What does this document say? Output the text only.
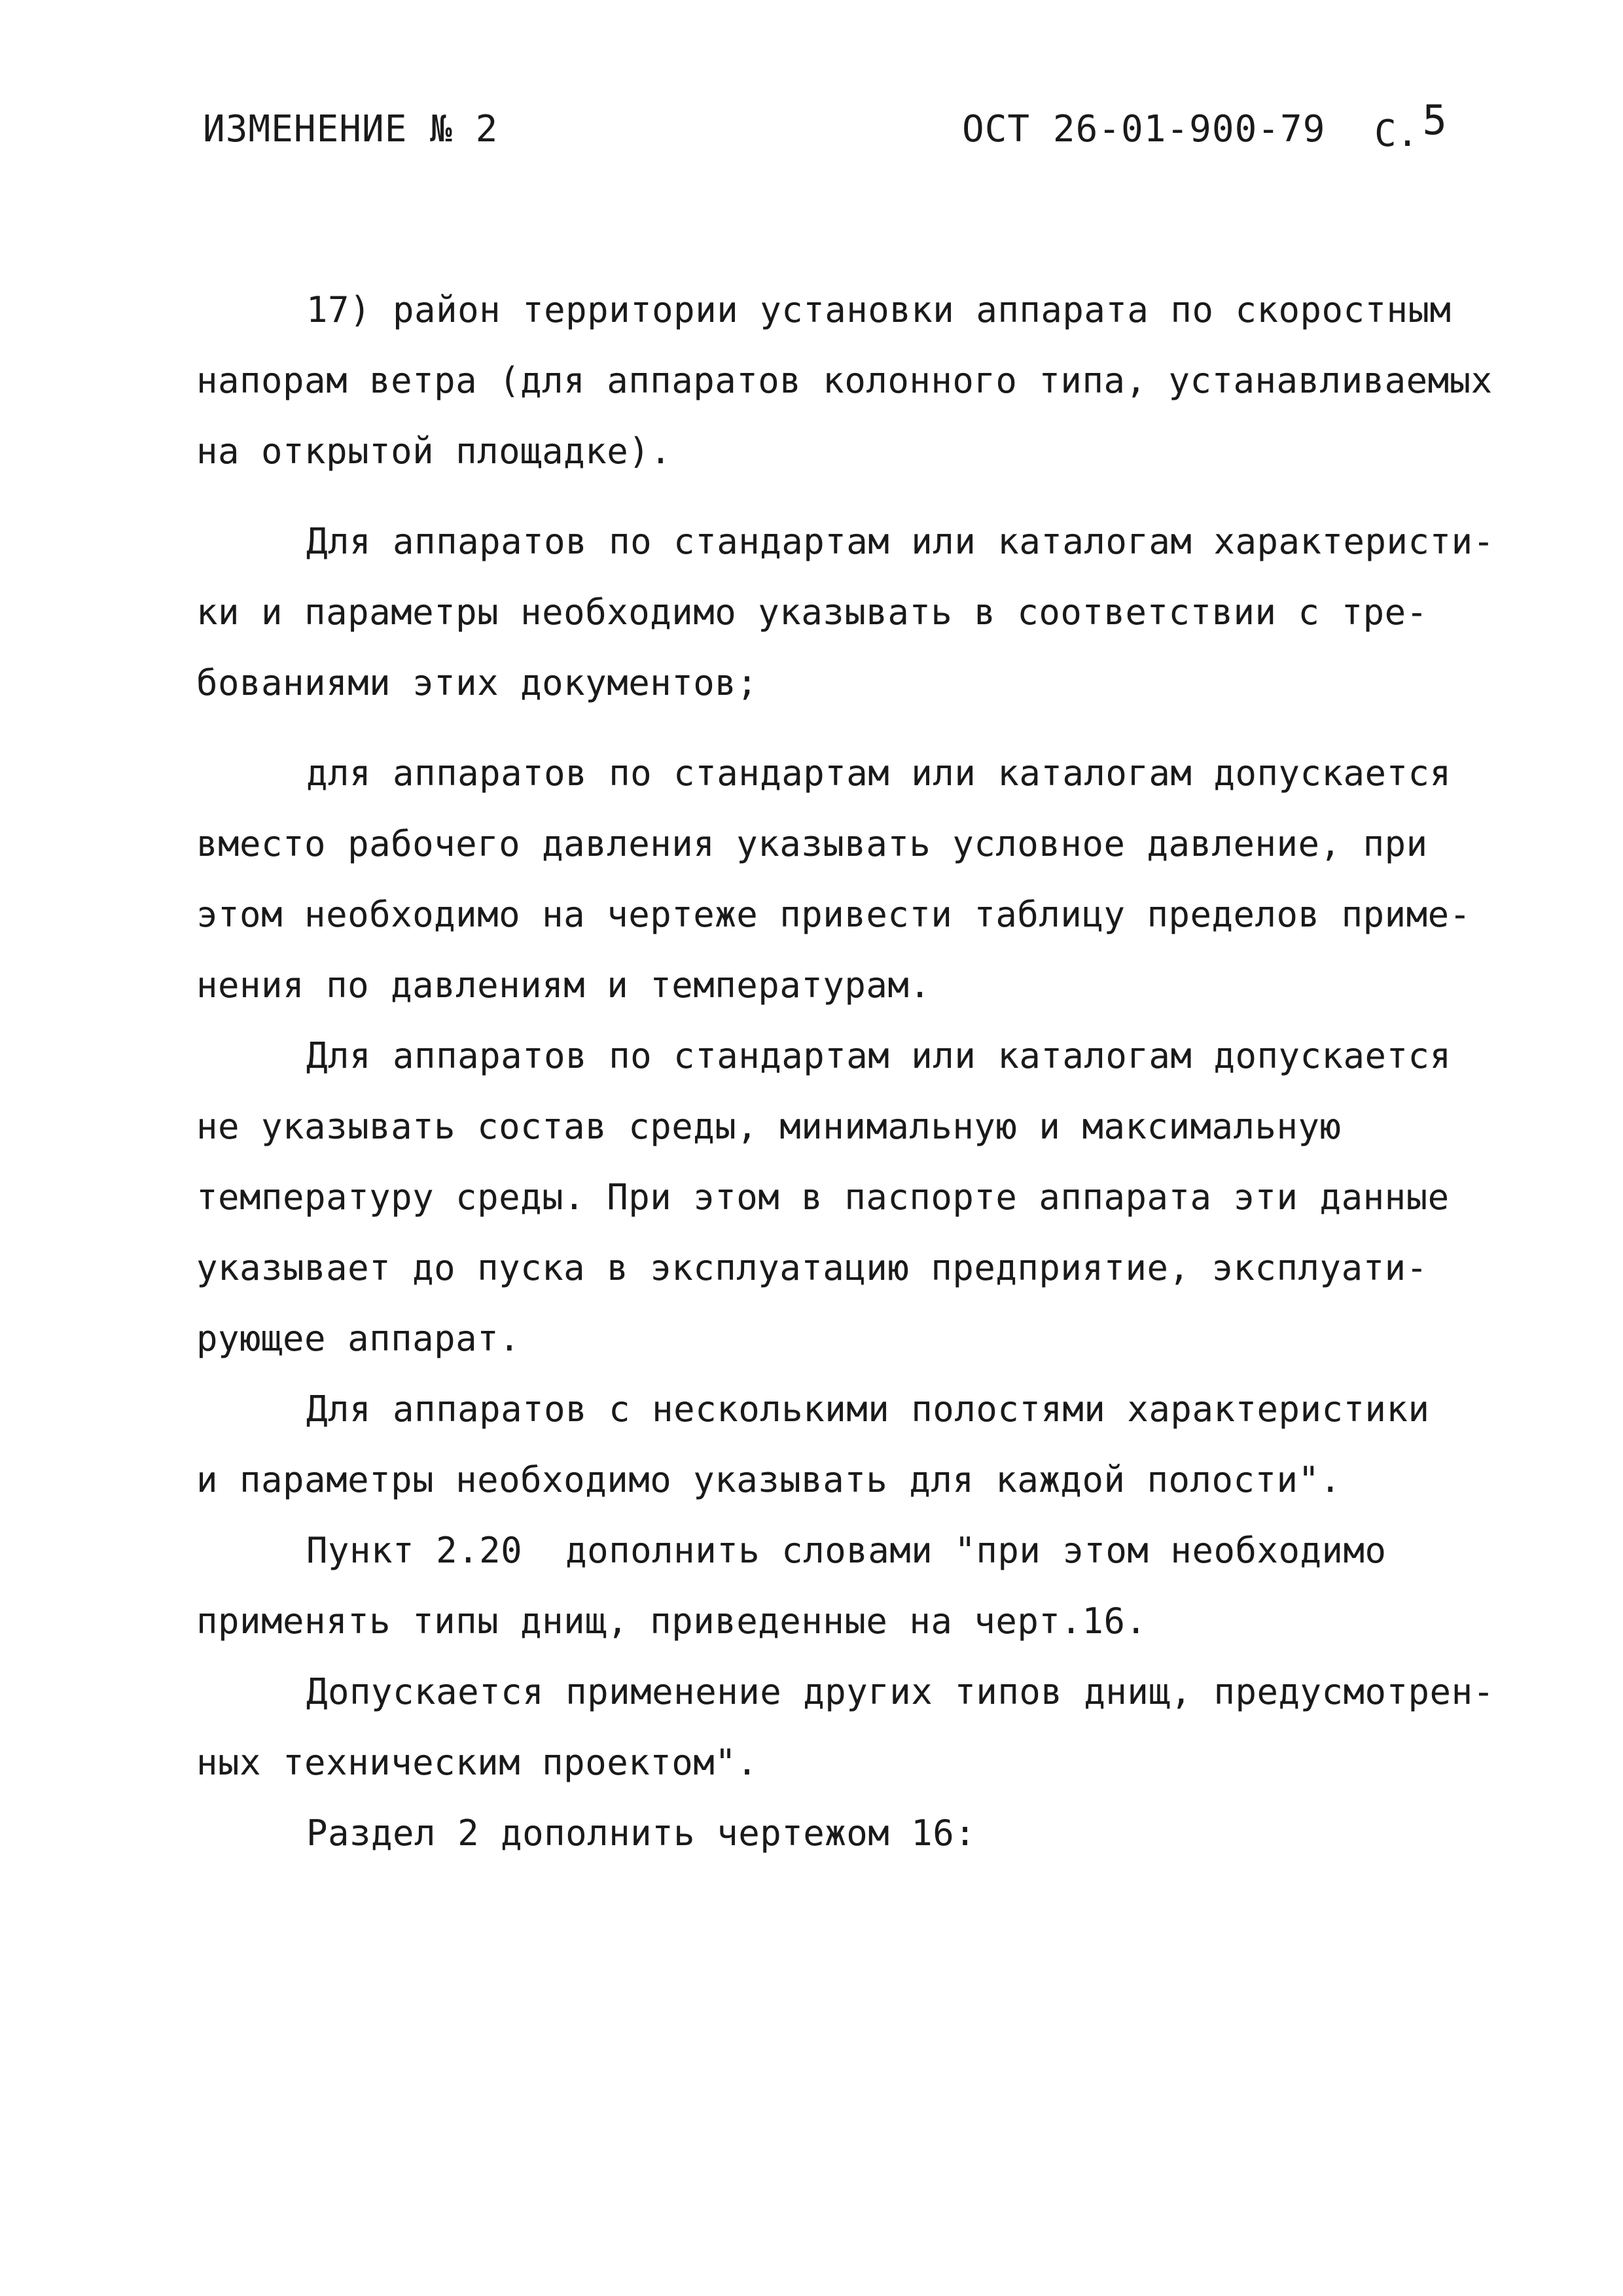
ИЗМЕНЕНИЕ № 2	ОСТ 26-01-900-79 С.5
17) район территории установки аппарата по скоростным
напорам ветра (для аппаратов колонного типа, устанавливаемых
на открытой площадке).
Для аппаратов по стандартам или каталогам характеристи-
ки и параметры необходимо указывать в соответствии с тре-
бованиями этих документов;
для аппаратов по стандартам или каталогам допускается
вместо рабочего давления указывать условное давление, при
этом необходимо на чертеже привести таблицу пределов приме-
нения по давлениям и температурам.
Для аппаратов по стандартам или каталогам допускается
не указывать состав среды, минимальную и максимальную
температуру среды. При этом в паспорте аппарата эти данные
указывает до пуска в эксплуатацию предприятие, эксплуати-
рующее аппарат.
Для аппаратов с несколькими полостями характеристики
и параметры необходимо указывать для каждой полости".
Пункт 2.20  дополнить словами "при этом необходимо
применять типы днищ, приведенные на черт.16.
Допускается применение других типов днищ, предусмотрен-
ных техническим проектом".
Раздел 2 дополнить чертежом 16:
